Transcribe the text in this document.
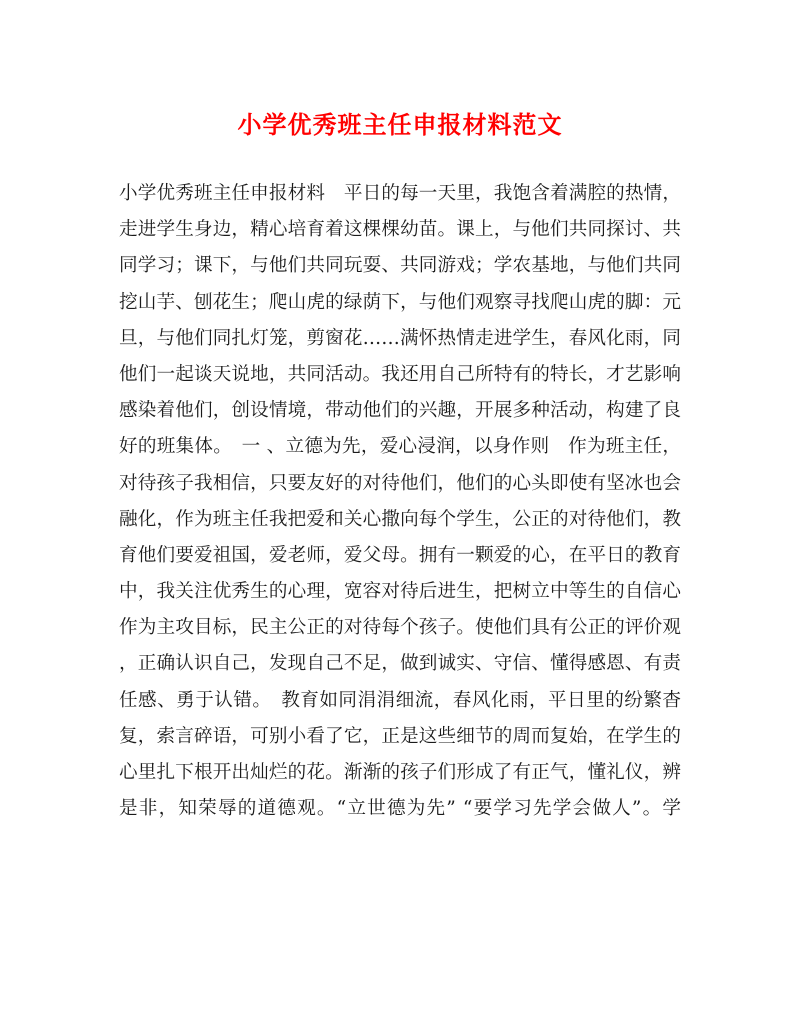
小学优秀班主任申报材料范文
小学优秀班主任申报材料　平日的每一天里，我饱含着满腔的热情，
走进学生身边，精心培育着这棵棵幼苗。课上，与他们共同探讨、共
同学习；课下，与他们共同玩耍、共同游戏；学农基地，与他们共同
挖山芋、刨花生；爬山虎的绿荫下，与他们观察寻找爬山虎的脚：元
旦，与他们同扎灯笼，剪窗花……满怀热情走进学生，春风化雨，同
他们一起谈天说地，共同活动。我还用自己所特有的特长，才艺影响
感染着他们，创设情境，带动他们的兴趣，开展多种活动，构建了良
好的班集体。　一 、立德为先，爱心浸润，以身作则　作为班主任，
对待孩子我相信，只要友好的对待他们，他们的心头即使有坚冰也会
融化，作为班主任我把爱和关心撒向每个学生，公正的对待他们，教
育他们要爱祖国，爱老师，爱父母。拥有一颗爱的心，在平日的教育
中，我关注优秀生的心理，宽容对待后进生，把树立中等生的自信心
作为主攻目标，民主公正的对待每个孩子。使他们具有公正的评价观
，正确认识自己，发现自己不足，做到诚实、守信、懂得感恩、有责
任感、勇于认错。　教育如同涓涓细流，春风化雨，平日里的纷繁杳
复，索言碎语，可别小看了它，正是这些细节的周而复始，在学生的
心里扎下根开出灿烂的花。渐渐的孩子们形成了有正气，懂礼仪，辨
是非，知荣辱的道德观。“立世德为先” “要学习先学会做人”。学
